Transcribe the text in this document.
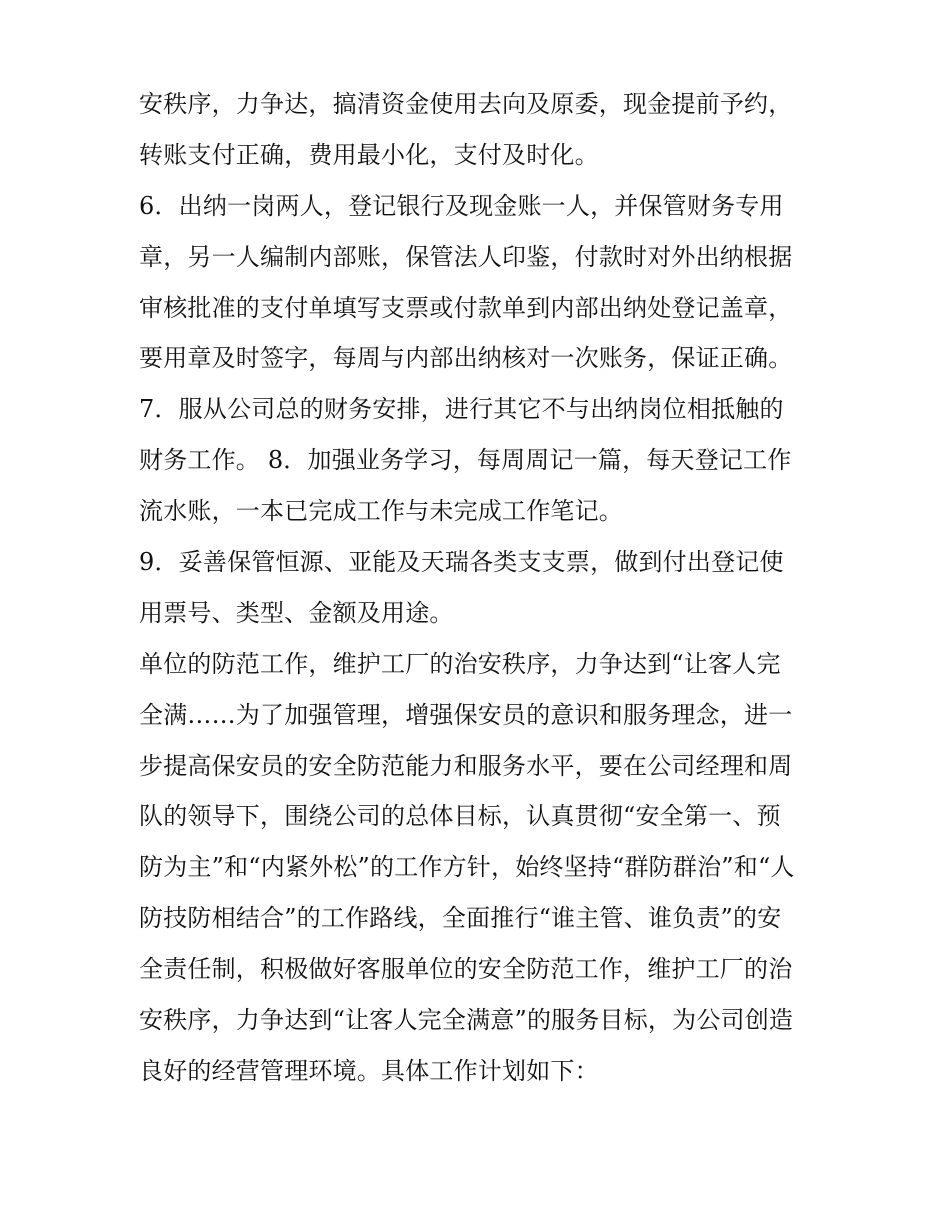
安秩序，力争达，搞清资金使用去向及原委，现金提前予约，
转账支付正确，费用最小化，支付及时化。
6．出纳一岗两人，登记银行及现金账一人，并保管财务专用
章，另一人编制内部账，保管法人印鉴，付款时对外出纳根据
审核批准的支付单填写支票或付款单到内部出纳处登记盖章，
要用章及时签字，每周与内部出纳核对一次账务，保证正确。
7．服从公司总的财务安排，进行其它不与出纳岗位相抵触的
财务工作。 8．加强业务学习，每周周记一篇，每天登记工作
流水账，一本已完成工作与未完成工作笔记。
9．妥善保管恒源、亚能及天瑞各类支支票，做到付出登记使
用票号、类型、金额及用途。
单位的防范工作，维护工厂的治安秩序，力争达到“让客人完
全满……为了加强管理，增强保安员的意识和服务理念，进一
步提高保安员的安全防范能力和服务水平，要在公司经理和周
队的领导下，围绕公司的总体目标，认真贯彻“安全第一、预
防为主”和“内紧外松”的工作方针，始终坚持“群防群治”和“人
防技防相结合”的工作路线，全面推行“谁主管、谁负责”的安
全责任制，积极做好客服单位的安全防范工作，维护工厂的治
安秩序，力争达到“让客人完全满意”的服务目标，为公司创造
良好的经营管理环境。具体工作计划如下：
